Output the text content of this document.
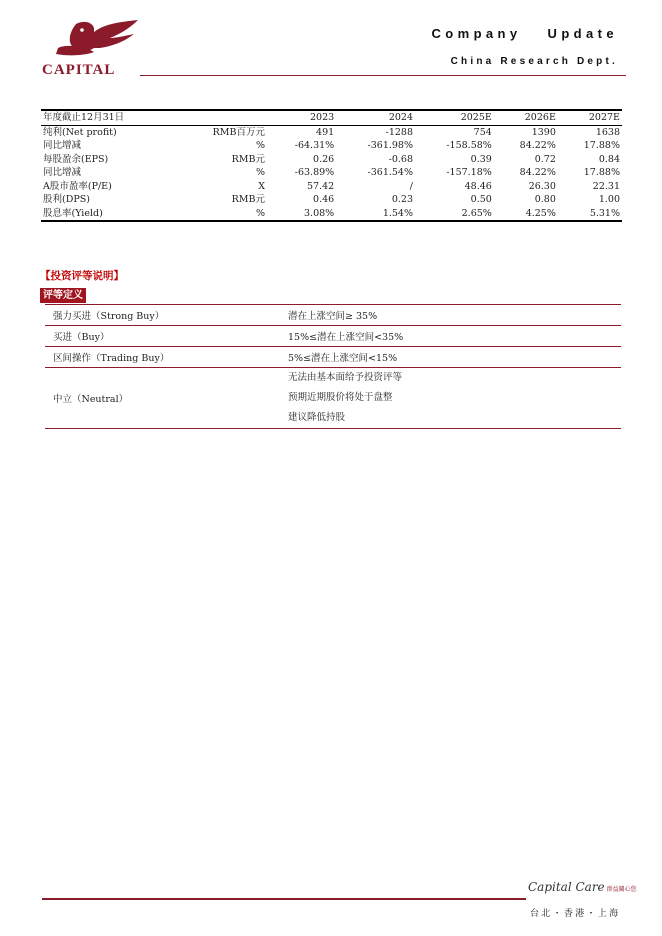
CAPITAL
Company Update
China Research Dept.
年度截止12月31日		2023	2024	2025E	2026E	2027E
纯利(Net profit)	RMB百万元	491	-1288	754	1390	1638
同比增减	%	-64.31%	-361.98%	-158.58%	84.22%	17.88%
每股盈余(EPS)	RMB元	0.26	-0.68	0.39	0.72	0.84
同比增减	%	-63.89%	-361.54%	-157.18%	84.22%	17.88%
A股市盈率(P/E)	X	57.42	/	48.46	26.30	22.31
股利(DPS)	RMB元	0.46	0.23	0.50	0.80	1.00
股息率(Yield)	%	3.08%	1.54%	2.65%	4.25%	5.31%
【投资评等说明】
评等定义
强力买进（Strong Buy）	潜在上涨空间≥ 35%
买进（Buy）	15%≤潜在上涨空间<35%
区间操作（Trading Buy）	5%≤潜在上涨空间<15%
中立（Neutral）	无法由基本面给予投资评等
预期近期股价将处于盘整
建议降低持股
Capital Care 群益關心您
台北・香港・上海
